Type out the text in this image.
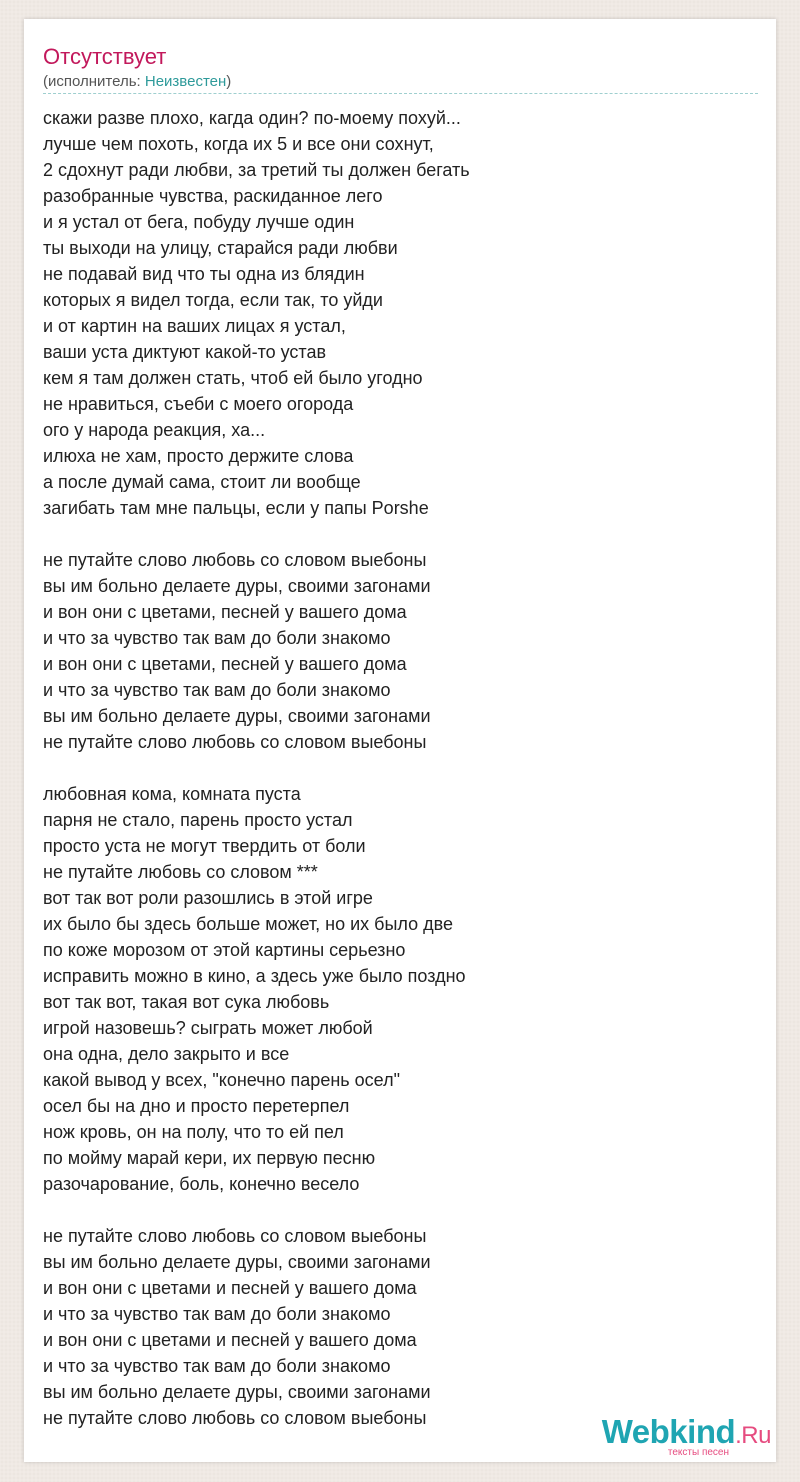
Отсутствует
(исполнитель: Неизвестен)
скажи разве плохо, кагда один? по-моему похуй...
лучше чем похоть, когда их 5 и все они сохнут,
2 сдохнут ради любви, за третий ты должен бегать
разобранные чувства, раскиданное лего
и я устал от бега, побуду лучше один
ты выходи на улицу, старайся ради любви
не подавай вид что ты одна из блядин
которых я видел тогда, если так, то уйди
и от картин на ваших лицах я устал,
ваши уста диктуют какой-то устав
кем я там должен стать, чтоб ей было угодно
не нравиться, съеби с моего огорода
ого у народа реакция, ха...
илюха не хам, просто держите слова
а после думай сама, стоит ли вообще
загибать там мне пальцы, если у папы Porshe
не путайте слово любовь со словом выебоны
вы им больно делаете дуры, своими загонами
и вон они с цветами, песней у вашего дома
и что за чувство так вам до боли знакомо
и вон они с цветами, песней у вашего дома
и что за чувство так вам до боли знакомо
вы им больно делаете дуры, своими загонами
не путайте слово любовь со словом выебоны
любовная кома, комната пуста
парня не стало, парень просто устал
просто уста не могут твердить от боли
не путайте любовь со словом ***
вот так вот роли разошлись в этой игре
их было бы здесь больше может, но их было две
по коже морозом от этой картины серьезно
исправить можно в кино, а здесь уже было поздно
вот так вот, такая вот сука любовь
игрой назовешь? сыграть может любой
она одна, дело закрыто и все
какой вывод у всех, "конечно парень осел"
осел бы на дно и просто перетерпел
нож кровь, он на полу, что то ей пел
по мойму марай кери, их первую песню
разочарование, боль, конечно весело
не путайте слово любовь со словом выебоны
вы им больно делаете дуры, своими загонами
и вон они с цветами и песней у вашего дома
и что за чувство так вам до боли знакомо
и вон они с цветами и песней у вашего дома
и что за чувство так вам до боли знакомо
вы им больно делаете дуры, своими загонами
не путайте слово любовь со словом выебоны	Webkind.Ru
тексты песен
